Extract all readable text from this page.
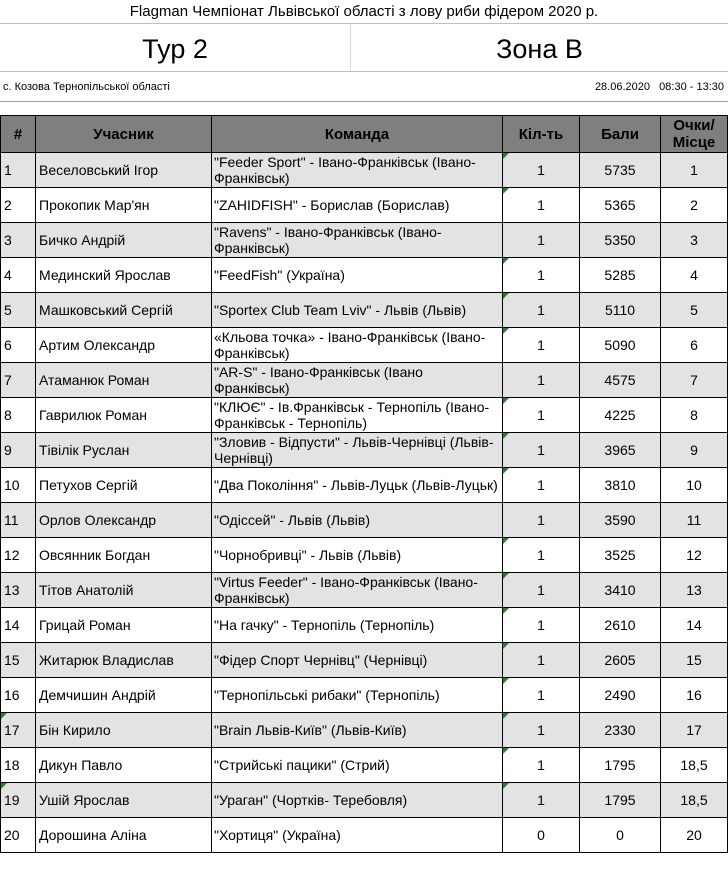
Flagman Чемпіонат Львівської області з лову риби фідером 2020 р.
Тур 2	Зона В
с. Козова Тернопільської області	28.06.2020   08:30 - 13:30
#	Учасник	Команда	Кіл-ть	Бали	Очки/ Місце
1	Веселовський Ігор	"Feeder Sport" - Івано-Франківськ (Івано-Франківськ)	1	5735	1
2	Прокопик Мар'ян	"ZAHIDFISH" - Борислав (Борислав)	1	5365	2
3	Бичко Андрій	"Ravens" - Івано-Франківськ (Івано-Франківськ)	1	5350	3
4	Мединский Ярослав	"FeedFish" (Україна)	1	5285	4
5	Машковський Сергій	"Sportex Club Team Lviv" - Львів (Львів)	1	5110	5
6	Артим Олександр	«Кльова точка» - Івано-Франківськ (Івано-Франківськ)	1	5090	6
7	Атаманюк Роман	"AR-S" - Івано-Франківськ (Івано Франківськ)	1	4575	7
8	Гаврилюк Роман	"КЛЮЄ" - Ів.Франківськ - Тернопіль (Івано-Франківськ - Тернопіль)	1	4225	8
9	Тівілік Руслан	"Зловив - Відпусти" - Львів-Чернівці (Львів-Чернівці)	1	3965	9
10	Петухов Сергій	"Два Покоління" - Львів-Луцьк (Львів-Луцьк)	1	3810	10
11	Орлов Олександр	"Одіссей" - Львів (Львів)	1	3590	11
12	Овсянник Богдан	"Чорнобривці" - Львів (Львів)	1	3525	12
13	Тітов Анатолій	"Virtus Feeder" - Івано-Франківськ (Івано-Франківськ)	1	3410	13
14	Грицай Роман	"На гачку" - Тернопіль (Тернопіль)	1	2610	14
15	Житарюк Владислав	"Фідер Спорт Чернівц" (Чернівці)	1	2605	15
16	Демчишин Андрій	"Тернопільські рибаки" (Тернопіль)	1	2490	16
17	Бін Кирило	"Brain Львів-Київ" (Львів-Київ)	1	2330	17
18	Дикун Павло	"Стрийські пацики" (Стрий)	1	1795	18,5
19	Ушій Ярослав	"Ураган" (Чортків- Теребовля)	1	1795	18,5
20	Дорошина Аліна	"Хортиця" (Україна)	0	0	20
